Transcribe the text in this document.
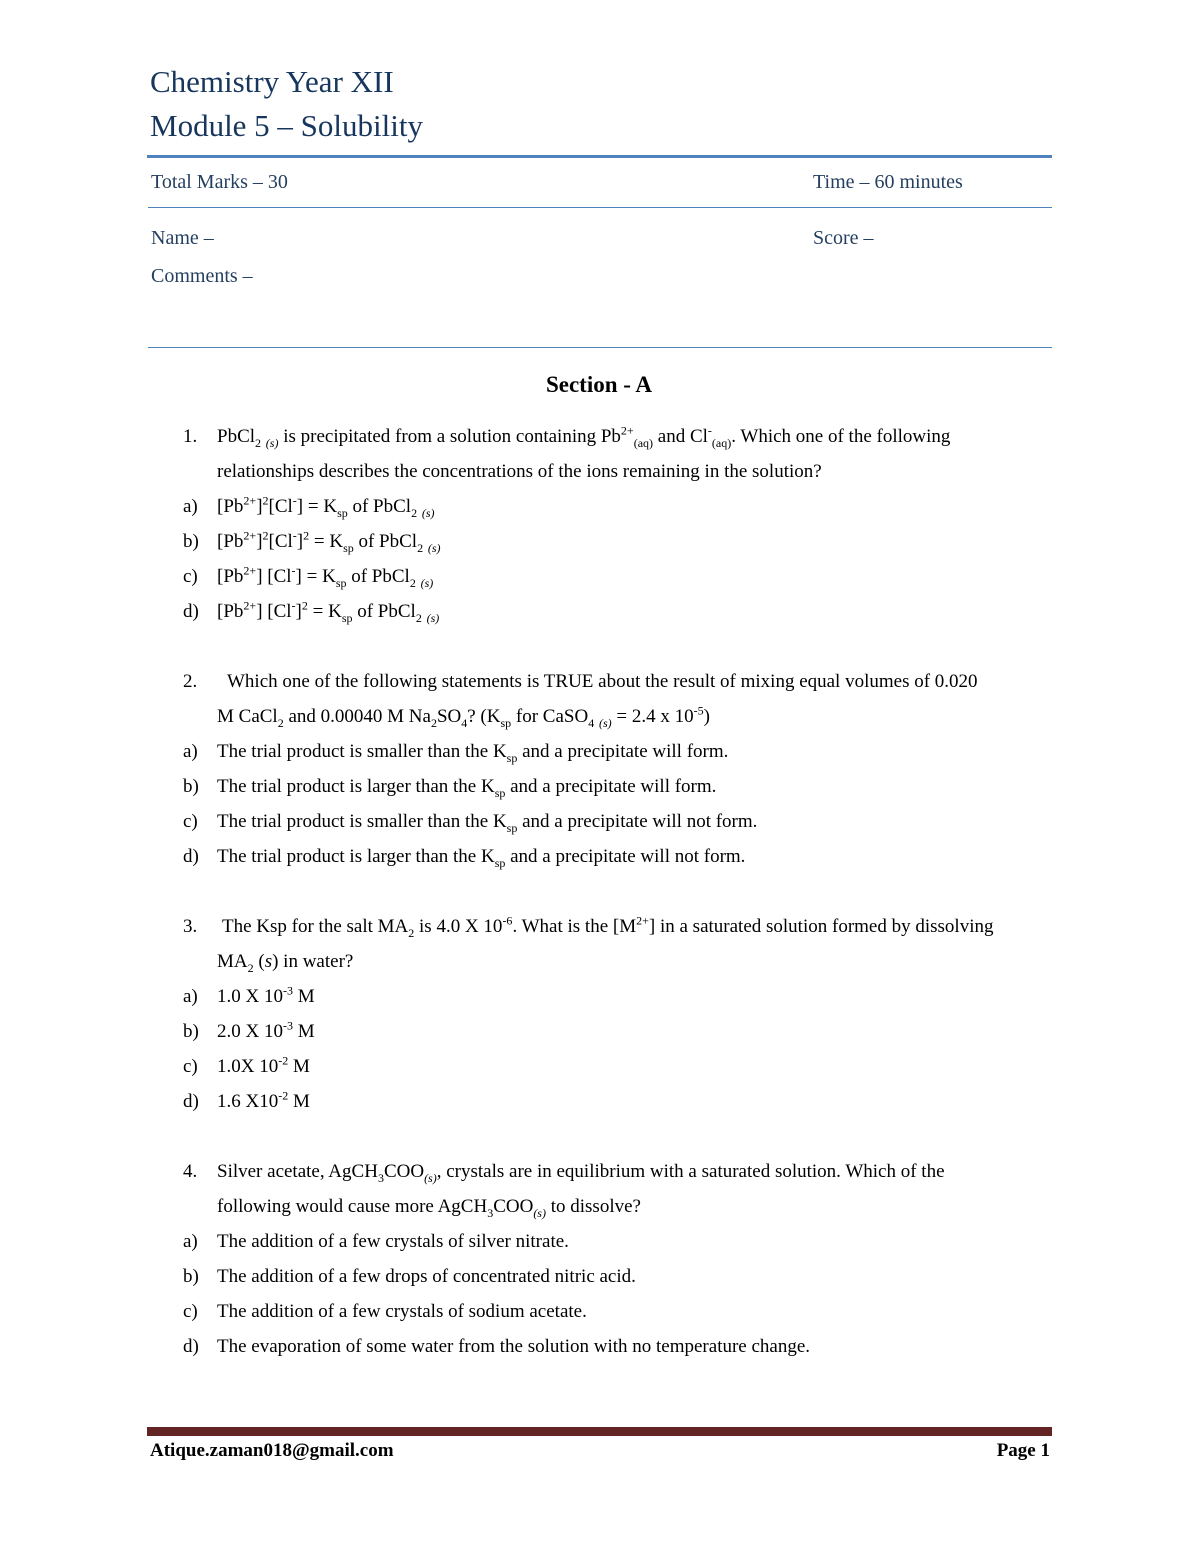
Chemistry Year XII
Module 5 – Solubility
Total Marks – 30	Time – 60 minutes
Name –	Score –
Comments –
Section - A
1. PbCl$_2$ $_{(s)}$ is precipitated from a solution containing $Pb^{2+}_{(aq)}$ and $Cl^-_{(aq)}$. Which one of the following
relationships describes the concentrations of the ions remaining in the solution?
a) $[Pb^{2+}]^2[Cl^-] = K_{sp}$ of PbCl$_2$ $_{(s)}$
b) $[Pb^{2+}]^2[Cl^-]^2 = K_{sp}$ of PbCl$_2$ $_{(s)}$
c) $[Pb^{2+}] [Cl^-] = K_{sp}$ of PbCl$_2$ $_{(s)}$
d) $[Pb^{2+}] [Cl^-]^2 = K_{sp}$ of PbCl$_2$ $_{(s)}$
2. Which one of the following statements is TRUE about the result of mixing equal volumes of 0.020
M CaCl$_2$ and 0.00040 M $Na_2SO_4$? ($K_{sp}$ for CaSO$_4$ $_{(s)}$ = 2.4 x $10^{-5}$)
a) The trial product is smaller than the $K_{sp}$ and a precipitate will form.
b) The trial product is larger than the $K_{sp}$ and a precipitate will form.
c) The trial product is smaller than the $K_{sp}$ and a precipitate will not form.
d) The trial product is larger than the $K_{sp}$ and a precipitate will not form.
3. The Ksp for the salt $MA_2$ is 4.0 X $10^{-6}$. What is the $[M^{2+}]$ in a saturated solution formed by dissolving
$MA_2$ (s) in water?
a) 1.0 X $10^{-3}$ M
b) 2.0 X $10^{-3}$ M
c) 1.0X $10^{-2}$ M
d) 1.6 $X10^{-2}$ M
4. Silver acetate, $AgCH_3COO_{(s)}$, crystals are in equilibrium with a saturated solution. Which of the
following would cause more $AgCH_3COO_{(s)}$ to dissolve?
a) The addition of a few crystals of silver nitrate.
b) The addition of a few drops of concentrated nitric acid.
c) The addition of a few crystals of sodium acetate.
d) The evaporation of some water from the solution with no temperature change.
Atique.zaman018@gmail.com	Page 1
